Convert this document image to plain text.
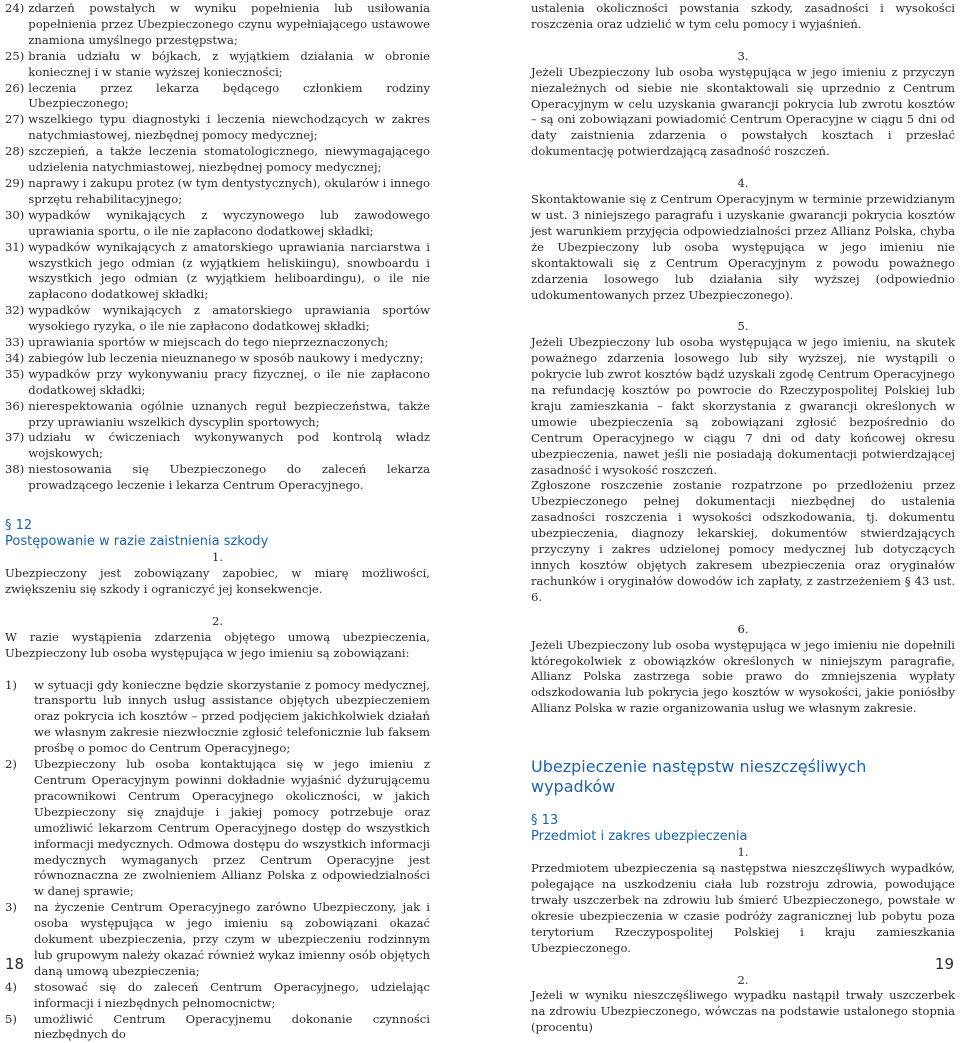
24) zdarzeń powstałych w wyniku popełnienia lub usiłowania popełnienia przez Ubezpieczonego czynu wypełniającego ustawowe znamiona umyślnego przestępstwa;
25) brania udziału w bójkach, z wyjątkiem działania w obronie koniecznej i w stanie wyższej konieczności;
26) leczenia przez lekarza będącego członkiem rodziny Ubezpieczonego;
27) wszelkiego typu diagnostyki i leczenia niewchodzących w zakres natychmiastowej, niezbędnej pomocy medycznej;
28) szczepień, a także leczenia stomatologicznego, niewymagającego udzielenia natychmiastowej, niezbędnej pomocy medycznej;
29) naprawy i zakupu protez (w tym dentystycznych), okularów i innego sprzętu rehabilitacyjnego;
30) wypadków wynikających z wyczynowego lub zawodowego uprawiania sportu, o ile nie zapłacono dodatkowej składki;
31) wypadków wynikających z amatorskiego uprawiania narciarstwa i wszystkich jego odmian (z wyjątkiem heliskiingu), snowboardu i wszystkich jego odmian (z wyjątkiem heliboardingu), o ile nie zapłacono dodatkowej składki;
32) wypadków wynikających z amatorskiego uprawiania sportów wysokiego ryzyka, o ile nie zapłacono dodatkowej składki;
33) uprawiania sportów w miejscach do tego nieprzeznaczonych;
34) zabiegów lub leczenia nieuznanego w sposób naukowy i medyczny;
35) wypadków przy wykonywaniu pracy fizycznej, o ile nie zapłacono dodatkowej składki;
36) nierespektowania ogólnie uznanych reguł bezpieczeństwa, także przy uprawianiu wszelkich dyscyplin sportowych;
37) udziału w ćwiczeniach wykonywanych pod kontrolą władz wojskowych;
38) niestosowania się Ubezpieczonego do zaleceń lekarza prowadzącego leczenie i lekarza Centrum Operacyjnego.
§ 12
Postępowanie w razie zaistnienia szkody

1.

Ubezpieczony jest zobowiązany zapobiec, w miarę możliwości, zwiększeniu się szkody i ograniczyć jej konsekwencje.

2.

W razie wystąpienia zdarzenia objętego umową ubezpieczenia, Ubezpieczony lub osoba występująca w jego imieniu są zobowiązani:

1)	w sytuacji gdy konieczne będzie skorzystanie z pomocy medycznej, transportu lub innych usług assistance objętych ubezpieczeniem oraz pokrycia ich kosztów – przed podjęciem jakichkolwiek działań we własnym zakresie niezwłocznie zgłosić telefonicznie lub faksem prośbę o pomoc do Centrum Operacyjnego;
2)	Ubezpieczony lub osoba kontaktująca się w jego imieniu z Centrum Operacyjnym powinni dokładnie wyjaśnić dyżurującemu pracownikowi Centrum Operacyjnego okoliczności, w jakich Ubezpieczony się znajduje i jakiej pomocy potrzebuje oraz umożliwić lekarzom Centrum Operacyjnego dostęp do wszystkich informacji medycznych. Odmowa dostępu do wszystkich informacji medycznych wymaganych przez Centrum Operacyjne jest równoznaczna ze zwolnieniem Allianz Polska z odpowiedzialności w danej sprawie;
3)	na życzenie Centrum Operacyjnego zarówno Ubezpieczony, jak i osoba występująca w jego imieniu są zobowiązani okazać dokument ubezpieczenia, przy czym w ubezpieczeniu rodzinnym lub grupowym należy okazać również wykaz imienny osób objętych daną umową ubezpieczenia;
4)	stosować się do zaleceń Centrum Operacyjnego, udzielając informacji i niezbędnych pełnomocnictw;
5)	umożliwić Centrum Operacyjnemu dokonanie czynności niezbędnych do

ustalenia okoliczności powstania szkody, zasadności i wysokości roszczenia oraz udzielić w tym celu pomocy i wyjaśnień.

3.

Jeżeli Ubezpieczony lub osoba występująca w jego imieniu z przyczyn niezależnych od siebie nie skontaktowali się uprzednio z Centrum Operacyjnym w celu uzyskania gwarancji pokrycia lub zwrotu kosztów – są oni zobowiązani powiadomić Centrum Operacyjne w ciągu 5 dni od daty zaistnienia zdarzenia o powstałych kosztach i przesłać dokumentację potwierdzającą zasadność roszczeń.

4.

Skontaktowanie się z Centrum Operacyjnym w terminie przewidzianym w ust. 3 niniejszego paragrafu i uzyskanie gwarancji pokrycia kosztów jest warunkiem przyjęcia odpowiedzialności przez Allianz Polska, chyba że Ubezpieczony lub osoba występująca w jego imieniu nie skontaktowali się z Centrum Operacyjnym z powodu poważnego zdarzenia losowego lub działania siły wyższej (odpowiednio udokumentowanych przez Ubezpieczonego).

5.

Jeżeli Ubezpieczony lub osoba występująca w jego imieniu, na skutek poważnego zdarzenia losowego lub siły wyższej, nie wystąpili o pokrycie lub zwrot kosztów bądź uzyskali zgodę Centrum Operacyjnego na refundację kosztów po powrocie do Rzeczypospolitej Polskiej lub kraju zamieszkania – fakt skorzystania z gwarancji określonych w umowie ubezpieczenia są zobowiązani zgłosić bezpośrednio do Centrum Operacyjnego w ciągu 7 dni od daty końcowej okresu ubezpieczenia, nawet jeśli nie posiadają dokumentacji potwierdzającej zasadność i wysokość roszczeń.

Zgłoszone roszczenie zostanie rozpatrzone po przedłożeniu przez Ubezpieczonego pełnej dokumentacji niezbędnej do ustalenia zasadności roszczenia i wysokości odszkodowania, tj. dokumentu ubezpieczenia, diagnozy lekarskiej, dokumentów stwierdzających przyczyny i zakres udzielonej pomocy medycznej lub dotyczących innych kosztów objętych zakresem ubezpieczenia oraz oryginałów rachunków i oryginałów dowodów ich zapłaty, z zastrzeżeniem § 43 ust. 6.

6.

Jeżeli Ubezpieczony lub osoba występująca w jego imieniu nie dopełnili któregokolwiek z obowiązków określonych w niniejszym paragrafie, Allianz Polska zastrzega sobie prawo do zmniejszenia wypłaty odszkodowania lub pokrycia jego kosztów w wysokości, jakie poniósłby Allianz Polska w razie organizowania usług we własnym zakresie.

Ubezpieczenie następstw nieszczęśliwych wypadków
§ 13
Przedmiot i zakres ubezpieczenia

1.

Przedmiotem ubezpieczenia są następstwa nieszczęśliwych wypadków, polegające na uszkodzeniu ciała lub rozstroju zdrowia, powodujące trwały uszczerbek na zdrowiu lub śmierć Ubezpieczonego, powstałe w okresie ubezpieczenia w czasie podróży zagranicznej lub pobytu poza terytorium Rzeczypospolitej Polskiej i kraju zamieszkania Ubezpieczonego.

2.

Jeżeli w wyniku nieszczęśliwego wypadku nastąpił trwały uszczerbek na zdrowiu Ubezpieczonego, wówczas na podstawie ustalonego stopnia (procentu)

18	19
